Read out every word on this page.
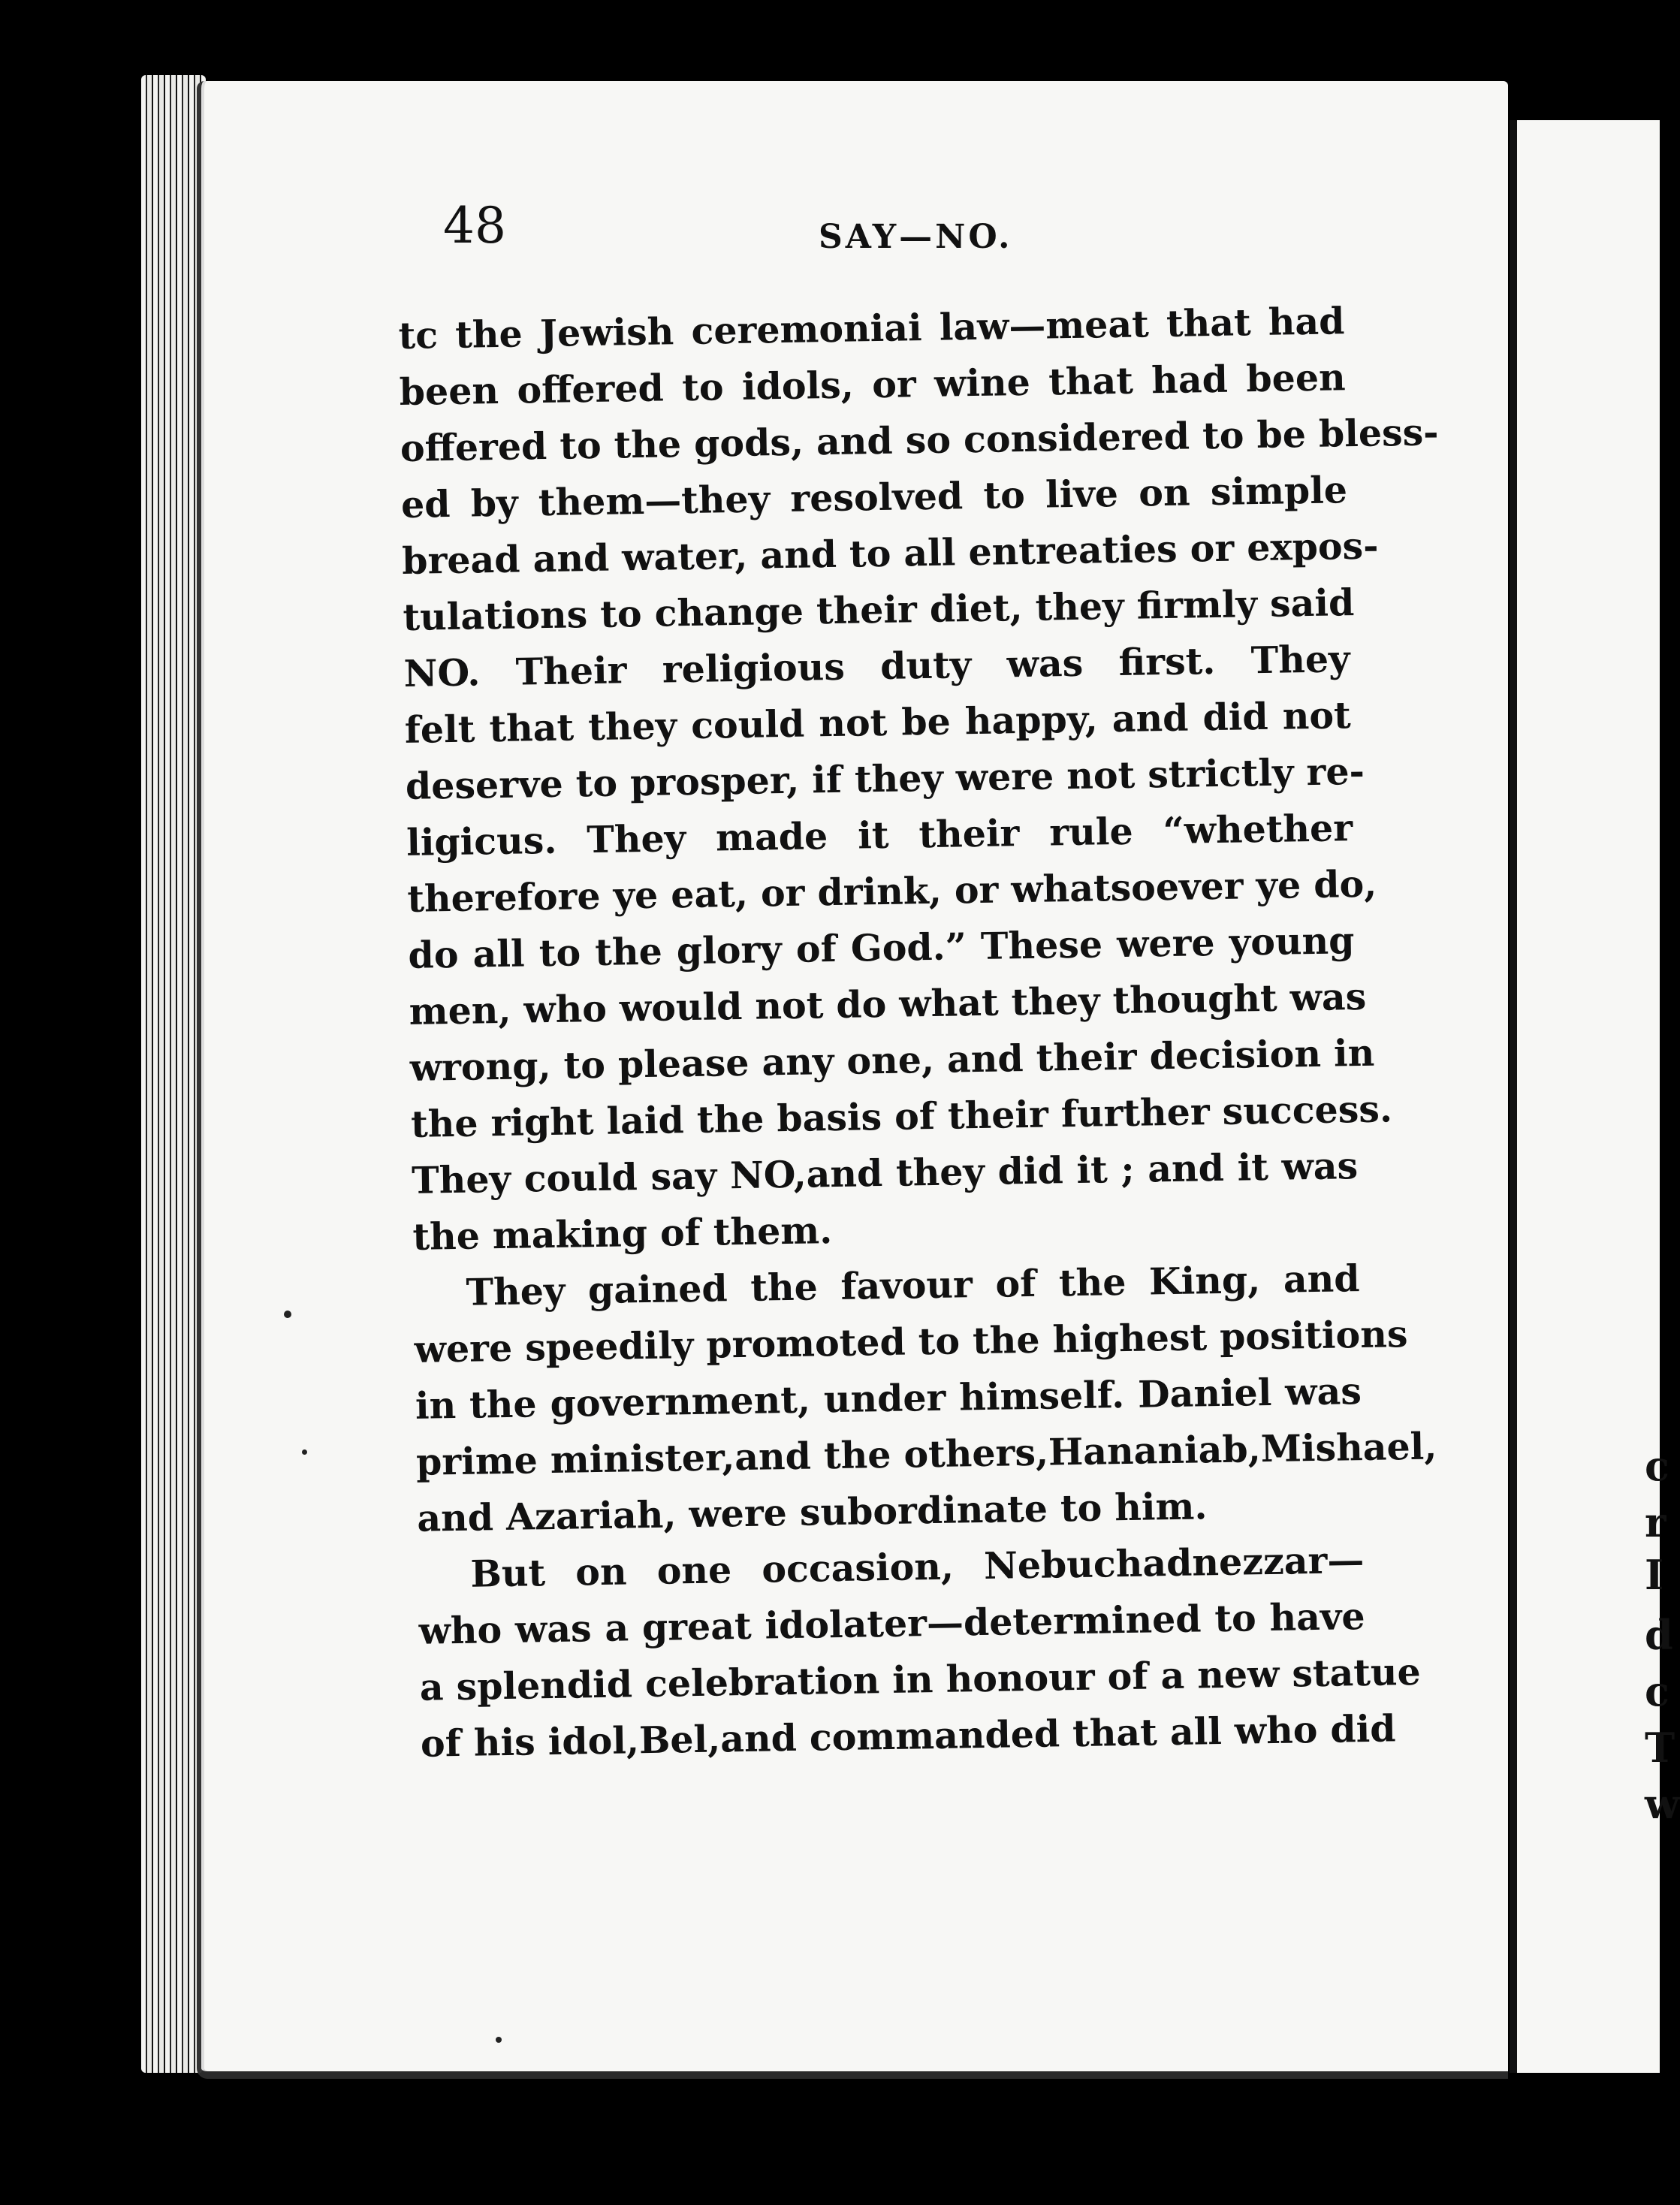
c
r
I
d
c
T
w
48	SAY—NO.
tc the Jewish ceremoniai law—meat that had
been offered to idols, or wine that had been
offered to the gods, and so considered to be bless-
ed by them—they resolved to live on simple
bread and water, and to all entreaties or expos-
tulations to change their diet, they firmly said
NO. Their religious duty was first. They
felt that they could not be happy, and did not
deserve to prosper, if they were not strictly re-
ligicus. They made it their rule “whether
therefore ye eat, or drink, or whatsoever ye do,
do all to the glory of God.” These were young
men, who would not do what they thought was
wrong, to please any one, and their decision in
the right laid the basis of their further success.
They could say NO,and they did it ; and it was
the making of them.
They gained the favour of the King, and
were speedily promoted to the highest positions
in the government, under himself. Daniel was
prime minister,and the others,Hananiab,Mishael,
and Azariah, were subordinate to him.
But on one occasion, Nebuchadnezzar—
who was a great idolater—determined to have
a splendid celebration in honour of a new statue
of his idol,Bel,and commanded that all who did
